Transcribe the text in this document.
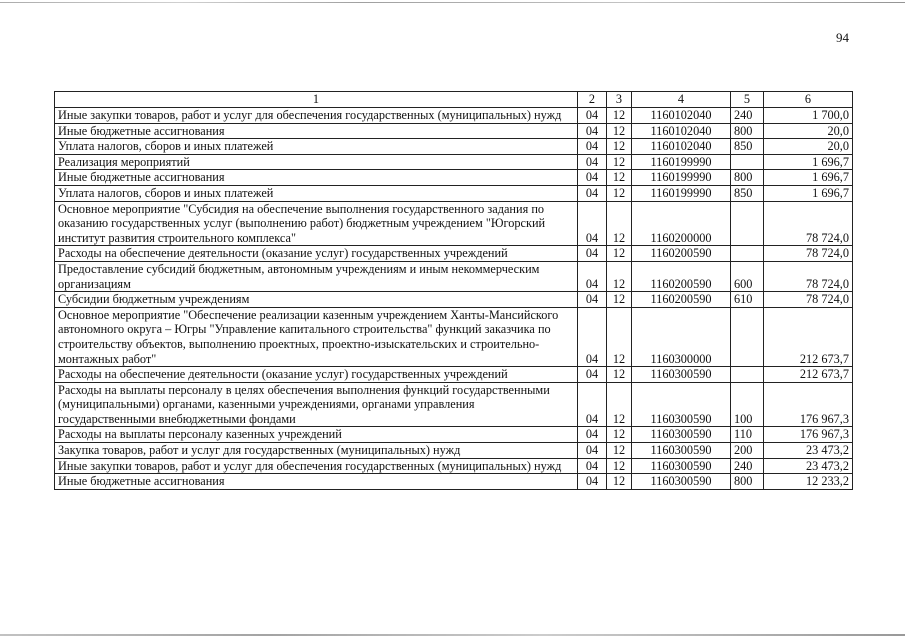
94
1	2	3	4	5	6
Иные закупки товаров, работ и услуг для обеспечения государственных (муниципальных) нужд	04	12	1160102040	240	1 700,0
Иные бюджетные ассигнования	04	12	1160102040	800	20,0
Уплата налогов, сборов и иных платежей	04	12	1160102040	850	20,0
Реализация мероприятий	04	12	1160199990		1 696,7
Иные бюджетные ассигнования	04	12	1160199990	800	1 696,7
Уплата налогов, сборов и иных платежей	04	12	1160199990	850	1 696,7
Основное мероприятие "Субсидия на обеспечение выполнения государственного задания по оказанию государственных услуг (выполнению работ) бюджетным учреждением "Югорский институт развития строительного комплекса"	04	12	1160200000		78 724,0
Расходы на обеспечение деятельности (оказание услуг) государственных учреждений	04	12	1160200590		78 724,0
Предоставление субсидий бюджетным, автономным учреждениям и иным некоммерческим организациям	04	12	1160200590	600	78 724,0
Субсидии бюджетным учреждениям	04	12	1160200590	610	78 724,0
Основное мероприятие "Обеспечение реализации казенным учреждением Ханты-Мансийского автономного округа – Югры "Управление капитального строительства" функций заказчика по строительству объектов, выполнению проектных, проектно-изыскательских и строительно-монтажных работ"	04	12	1160300000		212 673,7
Расходы на обеспечение деятельности (оказание услуг) государственных учреждений	04	12	1160300590		212 673,7
Расходы на выплаты персоналу в целях обеспечения выполнения функций государственными (муниципальными) органами, казенными учреждениями, органами управления государственными внебюджетными фондами	04	12	1160300590	100	176 967,3
Расходы на выплаты персоналу казенных учреждений	04	12	1160300590	110	176 967,3
Закупка товаров, работ и услуг для государственных (муниципальных) нужд	04	12	1160300590	200	23 473,2
Иные закупки товаров, работ и услуг для обеспечения государственных (муниципальных) нужд	04	12	1160300590	240	23 473,2
Иные бюджетные ассигнования	04	12	1160300590	800	12 233,2
